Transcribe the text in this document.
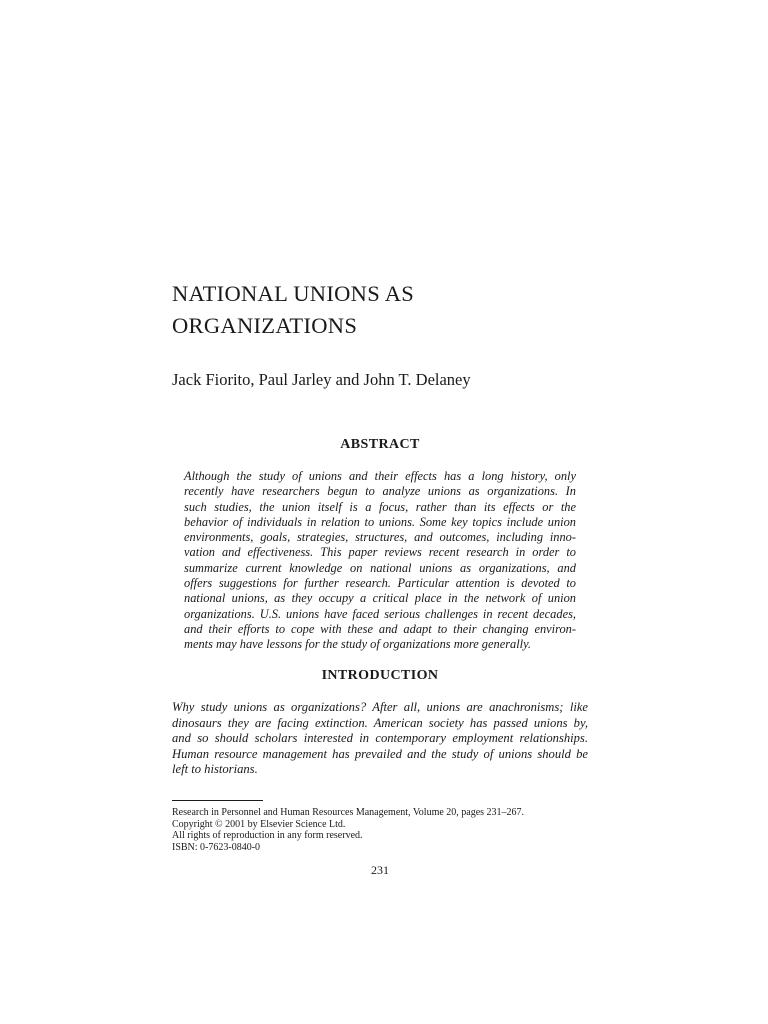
NATIONAL UNIONS AS
ORGANIZATIONS

Jack Fiorito, Paul Jarley and John T. Delaney

ABSTRACT
Although the study of unions and their effects has a long history, only
recently have researchers begun to analyze unions as organizations. In
such studies, the union itself is a focus, rather than its effects or the
behavior of individuals in relation to unions. Some key topics include union
environments, goals, strategies, structures, and outcomes, including inno-
vation and effectiveness. This paper reviews recent research in order to
summarize current knowledge on national unions as organizations, and
offers suggestions for further research. Particular attention is devoted to
national unions, as they occupy a critical place in the network of union
organizations. U.S. unions have faced serious challenges in recent decades,
and their efforts to cope with these and adapt to their changing environ-
ments may have lessons for the study of organizations more generally.
INTRODUCTION
Why study unions as organizations? After all, unions are anachronisms; like
dinosaurs they are facing extinction. American society has passed unions by,
and so should scholars interested in contemporary employment relationships.
Human resource management has prevailed and the study of unions should be
left to historians.
Research in Personnel and Human Resources Management, Volume 20, pages 231–267.
Copyright © 2001 by Elsevier Science Ltd.
All rights of reproduction in any form reserved.
ISBN: 0-7623-0840-0

231
